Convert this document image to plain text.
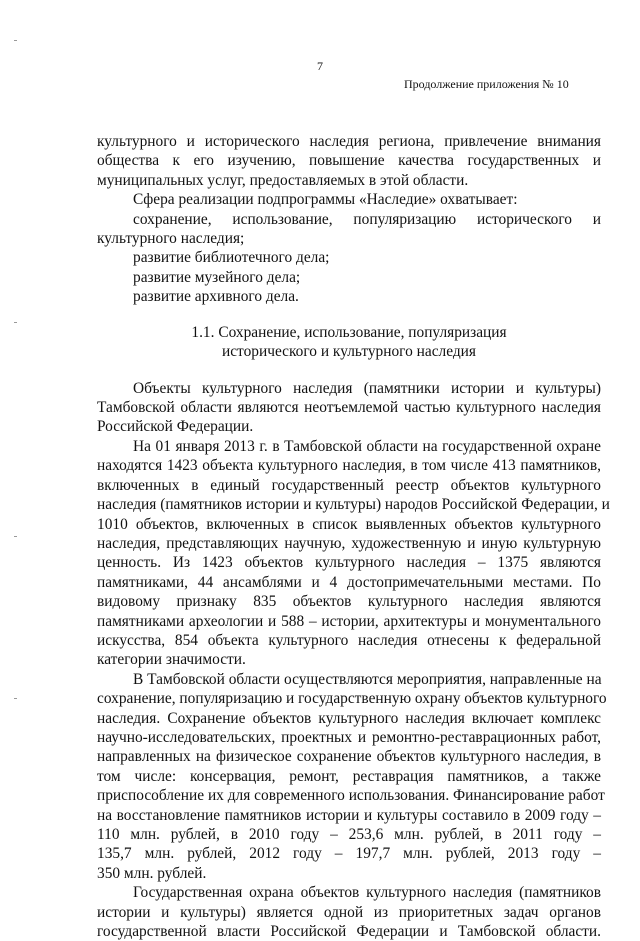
7
Продолжение приложения № 10
культурного и исторического наследия региона, привлечение внимания
общества к его изучению, повышение качества государственных и
муниципальных услуг, предоставляемых в этой области.
Сфера реализации подпрограммы «Наследие» охватывает:
сохранение, использование, популяризацию исторического и
культурного наследия;
развитие библиотечного дела;
развитие музейного дела;
развитие архивного дела.
1.1. Сохранение, использование, популяризация
исторического и культурного наследия
Объекты культурного наследия (памятники истории и культуры)
Тамбовской области являются неотъемлемой частью культурного наследия
Российской Федерации.
На 01 января 2013 г. в Тамбовской области на государственной охране
находятся 1423 объекта культурного наследия, в том числе 413 памятников,
включенных в единый государственный реестр объектов культурного
наследия (памятников истории и культуры) народов Российской Федерации, и
1010 объектов, включенных в список выявленных объектов культурного
наследия, представляющих научную, художественную и иную культурную
ценность. Из 1423 объектов культурного наследия – 1375 являются
памятниками, 44 ансамблями и 4 достопримечательными местами. По
видовому признаку 835 объектов культурного наследия являются
памятниками археологии и 588 – истории, архитектуры и монументального
искусства, 854 объекта культурного наследия отнесены к федеральной
категории значимости.
В Тамбовской области осуществляются мероприятия, направленные на
сохранение, популяризацию и государственную охрану объектов культурного
наследия. Сохранение объектов культурного наследия включает комплекс
научно-исследовательских, проектных и ремонтно-реставрационных работ,
направленных на физическое сохранение объектов культурного наследия, в
том числе: консервация, ремонт, реставрация памятников, а также
приспособление их для современного использования. Финансирование работ
на восстановление памятников истории и культуры составило в 2009 году –
110 млн. рублей, в 2010 году – 253,6 млн. рублей, в 2011 году –
135,7 млн. рублей, 2012 году – 197,7 млн. рублей, 2013 году –
350 млн. рублей.
Государственная охрана объектов культурного наследия (памятников
истории и культуры) является одной из приоритетных задач органов
государственной власти Российской Федерации и Тамбовской области.
